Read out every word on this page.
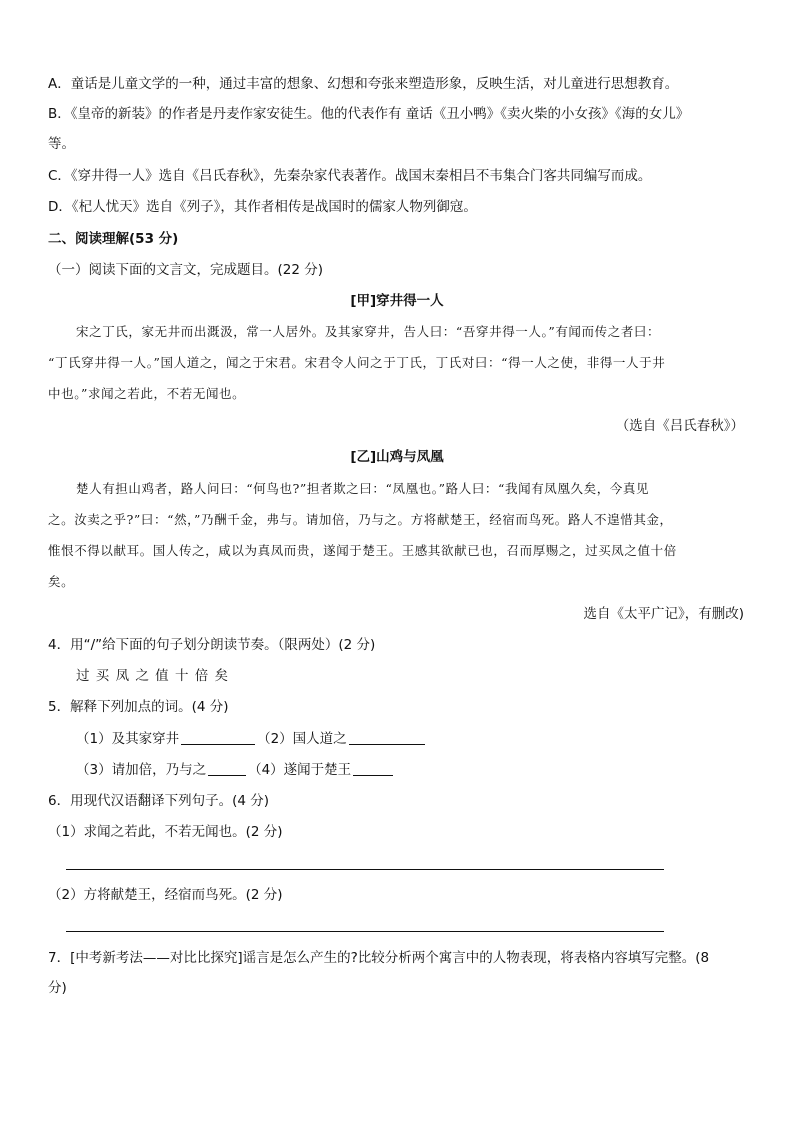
A．童话是儿童文学的一种，通过丰富的想象、幻想和夸张来塑造形象，反映生活，对儿童进行思想教育。
B．《皇帝的新装》的作者是丹麦作家安徒生。他的代表作有 童话《丑小鸭》《卖火柴的小女孩》《海的女儿》
等。
C．《穿井得一人》选自《吕氏春秋》，先秦杂家代表著作。战国末秦相吕不韦集合门客共同编写而成。
D．《杞人忧天》选自《列子》，其作者相传是战国时的儒家人物列御寇。
二、阅读理解(53 分)
（一）阅读下面的文言文，完成题目。(22 分)
[甲]穿井得一人
宋之丁氏，家无井而出溉汲，常一人居外。及其家穿井，告人曰：“吾穿井得一人。”有闻而传之者曰：
“丁氏穿井得一人。”国人道之，闻之于宋君。宋君令人问之于丁氏，丁氏对曰：“得一人之使，非得一人于井
中也。”求闻之若此，不若无闻也。
（选自《吕氏春秋》）
[乙]山鸡与凤凰
楚人有担山鸡者，路人问曰：“何鸟也?”担者欺之曰：“凤凰也。”路人曰：“我闻有凤凰久矣，今真见
之。汝卖之乎?”曰：“然，”乃酬千金，弗与。请加倍，乃与之。方将献楚王，经宿而鸟死。路人不遑惜其金，
惟恨不得以献耳。国人传之，咸以为真凤而贵，遂闻于楚王。王感其欲献已也，召而厚赐之，过买凤之值十倍
矣。
选自《太平广记》，有删改)
4．用“/”给下面的句子划分朗读节奏。（限两处）(2 分)
过 买 凤 之 值 十 倍 矣
5．解释下列加点的词。(4 分)
（1）及其家穿井	（2）国人道之
（3）请加倍，乃与之	（4）遂闻于楚王
6．用现代汉语翻译下列句子。(4 分)
（1）求闻之若此，不若无闻也。(2 分)
（2）方将献楚王，经宿而鸟死。(2 分)
7．[中考新考法——对比比探究]谣言是怎么产生的?比较分析两个寓言中的人物表现，将表格内容填写完整。(8
分)
